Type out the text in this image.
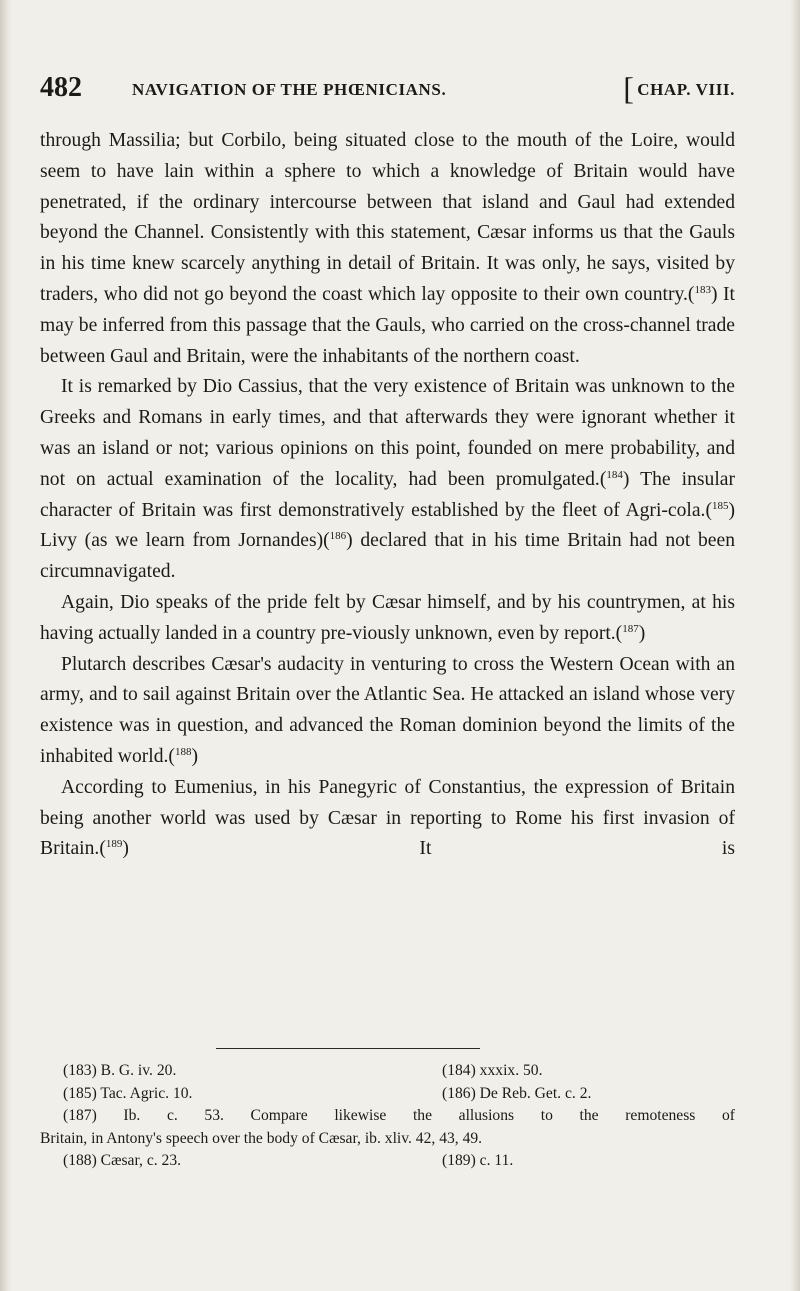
482	NAVIGATION OF THE PHŒNICIANS.	[ CHAP. VIII.

through Massilia; but Corbilo, being situated close to the mouth of the Loire, would seem to have lain within a sphere to which a knowledge of Britain would have penetrated, if the ordinary intercourse between that island and Gaul had extended beyond the Channel. Consistently with this statement, Cæsar informs us that the Gauls in his time knew scarcely anything in detail of Britain. It was only, he says, visited by traders, who did not go beyond the coast which lay opposite to their own country.($^{183}$) It may be inferred from this passage that the Gauls, who carried on the cross-channel trade between Gaul and Britain, were the inhabitants of the northern coast.

It is remarked by Dio Cassius, that the very existence of Britain was unknown to the Greeks and Romans in early times, and that afterwards they were ignorant whether it was an island or not; various opinions on this point, founded on mere probability, and not on actual examination of the locality, had been promulgated.($^{184}$) The insular character of Britain was first demonstratively established by the fleet of Agri-cola.($^{185}$) Livy (as we learn from Jornandes)($^{186}$) declared that in his time Britain had not been circumnavigated.

Again, Dio speaks of the pride felt by Cæsar himself, and by his countrymen, at his having actually landed in a country pre-viously unknown, even by report.($^{187}$)

Plutarch describes Cæsar's audacity in venturing to cross the Western Ocean with an army, and to sail against Britain over the Atlantic Sea. He attacked an island whose very existence was in question, and advanced the Roman dominion beyond the limits of the inhabited world.($^{188}$)

According to Eumenius, in his Panegyric of Constantius, the expression of Britain being another world was used by Cæsar in reporting to Rome his first invasion of Britain.($^{189}$) It is

(183) B. G. iv. 20.	(184) xxxix. 50.
(185) Tac. Agric. 10.	(186) De Reb. Get. c. 2.
(187) Ib. c. 53. Compare likewise the allusions to the remoteness of
Britain, in Antony's speech over the body of Cæsar, ib. xliv. 42, 43, 49.
(188) Cæsar, c. 23.	(189) c. 11.
